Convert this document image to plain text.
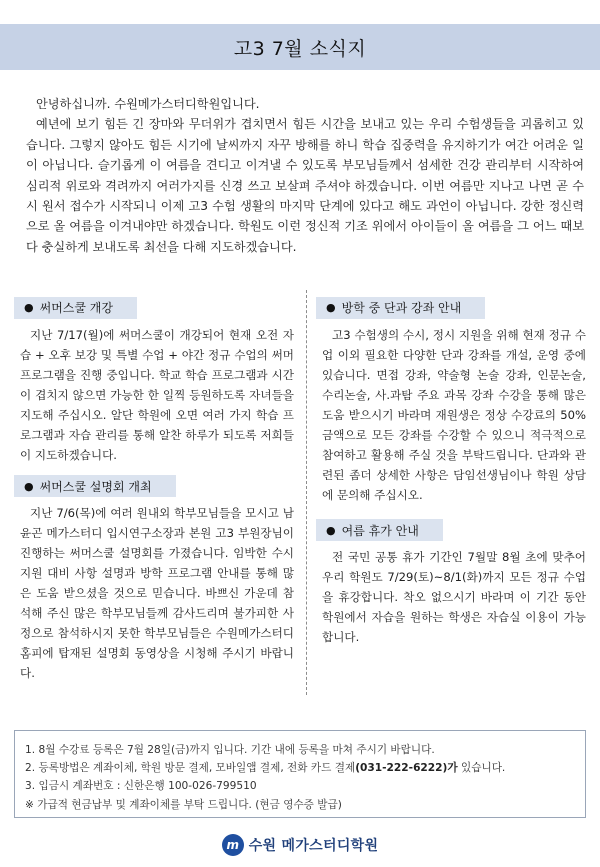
고3 7월 소식지

안녕하십니까. 수원메가스터디학원입니다.

예년에 보기 힘든 긴 장마와 무더위가 겹치면서 힘든 시간을 보내고 있는 우리 수험생들을 괴롭히고 있습니다. 그렇지 않아도 힘든 시기에 날씨까지 자꾸 방해를 하니 학습 집중력을 유지하기가 여간 어려운 일이 아닙니다. 슬기롭게 이 여름을 견디고 이겨낼 수 있도록 부모님들께서 섬세한 건강 관리부터 시작하여 심리적 위로와 격려까지 여러가지를 신경 쓰고 보살펴 주셔야 하겠습니다. 이번 여름만 지나고 나면 곧 수시 원서 접수가 시작되니 이제 고3 수험 생활의 마지막 단계에 있다고 해도 과언이 아닙니다. 강한 정신력으로 올 여름을 이겨내야만 하겠습니다. 학원도 이런 정신적 기조 위에서 아이들이 올 여름을 그 어느 때보다 충실하게 보내도록 최선을 다해 지도하겠습니다.

● 써머스쿨 개강

지난 7/17(월)에 써머스쿨이 개강되어 현재 오전 자습 + 오후 보강 및 특별 수업 + 야간 정규 수업의 써머 프로그램을 진행 중입니다. 학교 학습 프로그램과 시간이 겹치지 않으면 가능한 한 일찍 등원하도록 자녀들을 지도해 주십시오. 알단 학원에 오면 여러 가지 학습 프로그램과 자습 관리를 통해 알찬 하루가 되도록 저희들이 지도하겠습니다.

● 써머스쿨 설명회 개최

지난 7/6(목)에 여러 원내외 학부모님들을 모시고 남윤곤 메가스터디 입시연구소장과 본원 고3 부원장님이 진행하는 써머스쿨 설명회를 가졌습니다. 임박한 수시 지원 대비 사항 설명과 방학 프로그램 안내를 통해 많은 도움 받으셨을 것으로 믿습니다. 바쁘신 가운데 참석해 주신 많은 학부모님들께 감사드리며 불가피한 사정으로 참석하시지 못한 학부모님들은 수원메가스터디 홈피에 탑재된 설명회 동영상을 시청해 주시기 바랍니다.

● 방학 중 단과 강좌 안내

고3 수험생의 수시, 정시 지원을 위해 현재 정규 수업 이외 필요한 다양한 단과 강좌를 개설, 운영 중에 있습니다. 면접 강좌, 약술형 논술 강좌, 인문논술, 수리논술, 사.과탐 주요 과목 강좌 수강을 통해 많은 도움 받으시기 바라며 재원생은 정상 수강료의 50% 금액으로 모든 강좌를 수강할 수 있으니 적극적으로 참여하고 활용해 주실 것을 부탁드립니다. 단과와 관련된 좀더 상세한 사항은 담임선생님이나 학원 상담에 문의해 주십시오.

● 여름 휴가 안내

전 국민 공통 휴가 기간인 7월말 8월 초에 맞추어 우리 학원도 7/29(토)~8/1(화)까지 모든 정규 수업을 휴강합니다. 착오 없으시기 바라며 이 기간 동안 학원에서 자습을 원하는 학생은 자습실 이용이 가능합니다.

1. 8월 수강료 등록은 7월 28일(금)까지 입니다. 기간 내에 등록을 마쳐 주시기 바랍니다.
2. 등록방법은 계좌이체, 학원 방문 결제, 모바일앱 결제, 전화 카드 결제(031-222-6222)가 있습니다.
3. 입금시 계좌번호 : 신한은행 100-026-799510
※ 가급적 현금납부 및 계좌이체를 부탁 드립니다. (현금 영수증 발급)
m 수원 메가스터디학원
